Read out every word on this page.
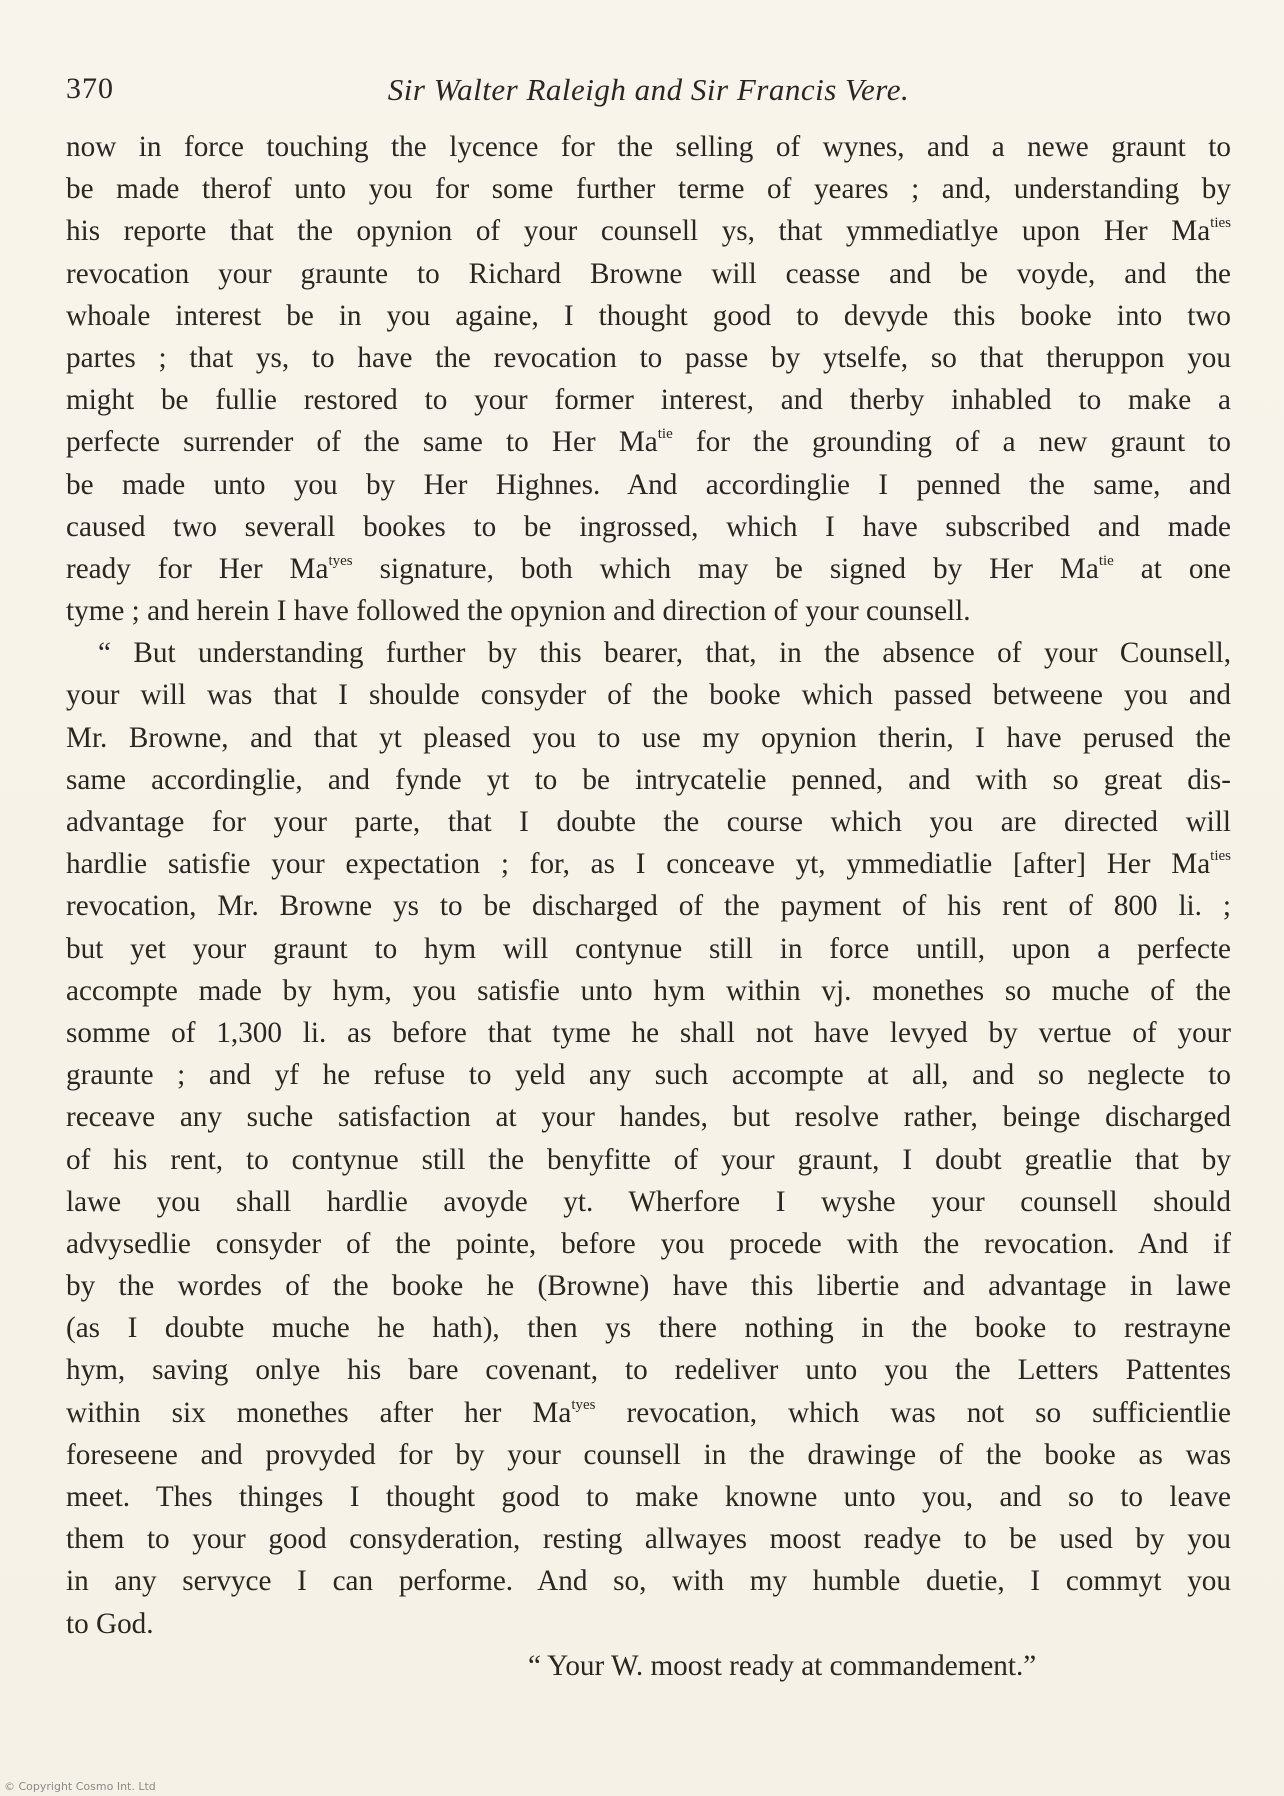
370	Sir Walter Raleigh and Sir Francis Vere.
now in force touching the lycence for the selling of wynes, and a newe graunt to
be made therof unto you for some further terme of yeares ; and, understanding by
his reporte that the opynion of your counsell ys, that ymmediatlye upon Her $Ma^{ties}$
revocation your graunte to Richard Browne will ceasse and be voyde, and the
whoale interest be in you againe, I thought good to devyde this booke into two
partes ; that ys, to have the revocation to passe by ytselfe, so that theruppon you
might be fullie restored to your former interest, and therby inhabled to make a
perfecte surrender of the same to Her $Ma^{tie}$ for the grounding of a new graunt to
be made unto you by Her Highnes. And accordinglie I penned the same, and
caused two severall bookes to be ingrossed, which I have subscribed and made
ready for Her $Ma^{tyes}$ signature, both which may be signed by Her $Ma^{tie}$ at one
tyme ; and herein I have followed the opynion and direction of your counsell.
“ But understanding further by this bearer, that, in the absence of your Counsell,
your will was that I shoulde consyder of the booke which passed betweene you and
Mr. Browne, and that yt pleased you to use my opynion therin, I have perused the
same accordinglie, and fynde yt to be intrycatelie penned, and with so great dis-
advantage for your parte, that I doubte the course which you are directed will
hardlie satisfie your expectation ; for, as I conceave yt, ymmediatlie [after] Her $Ma^{ties}$
revocation, Mr. Browne ys to be discharged of the payment of his rent of 800 li. ;
but yet your graunt to hym will contynue still in force untill, upon a perfecte
accompte made by hym, you satisfie unto hym within vj. monethes so muche of the
somme of 1,300 li. as before that tyme he shall not have levyed by vertue of your
graunte ; and yf he refuse to yeld any such accompte at all, and so neglecte to
receave any suche satisfaction at your handes, but resolve rather, beinge discharged
of his rent, to contynue still the benyfitte of your graunt, I doubt greatlie that by
lawe you shall hardlie avoyde yt. Wherfore I wyshe your counsell should
advysedlie consyder of the pointe, before you procede with the revocation. And if
by the wordes of the booke he (Browne) have this libertie and advantage in lawe
(as I doubte muche he hath), then ys there nothing in the booke to restrayne
hym, saving onlye his bare covenant, to redeliver unto you the Letters Pattentes
within six monethes after her $Ma^{tyes}$ revocation, which was not so sufficientlie
foreseene and provyded for by your counsell in the drawinge of the booke as was
meet. Thes thinges I thought good to make knowne unto you, and so to leave
them to your good consyderation, resting allwayes moost readye to be used by you
in any servyce I can performe. And so, with my humble duetie, I commyt you
to God.
“ Your W. moost ready at commandement.”
© Copyright Cosmo Int. Ltd
